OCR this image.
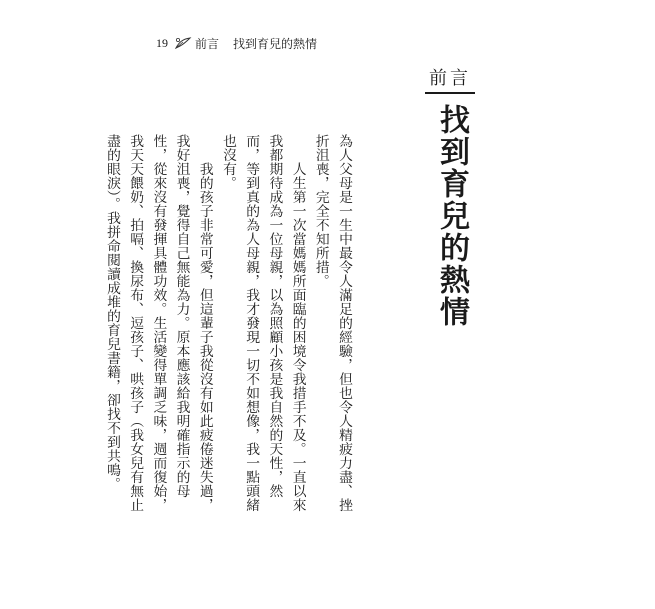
19 前言 找到育兒的熱情
前言
找到育兒的熱情

為人父母是一生中最令人滿足的經驗，但也令人精疲力盡、挫折沮喪，完全不知所措。

人生第一次當媽媽所面臨的困境令我措手不及。一直以來我都期待成為一位母親，以為照顧小孩是我自然的天性，然而，等到真的為人母親，我才發現一切不如想像，我一點頭緒也沒有。

我的孩子非常可愛，但這輩子我從沒有如此疲倦迷失過，我好沮喪，覺得自己無能為力。原本應該給我明確指示的母性，從來沒有發揮具體功效。生活變得單調乏味，週而復始，我天天餵奶、拍嗝、換尿布、逗孩子、哄孩子（我女兒有無止盡的眼淚）。我拼命閱讀成堆的育兒書籍，卻找不到共鳴。
